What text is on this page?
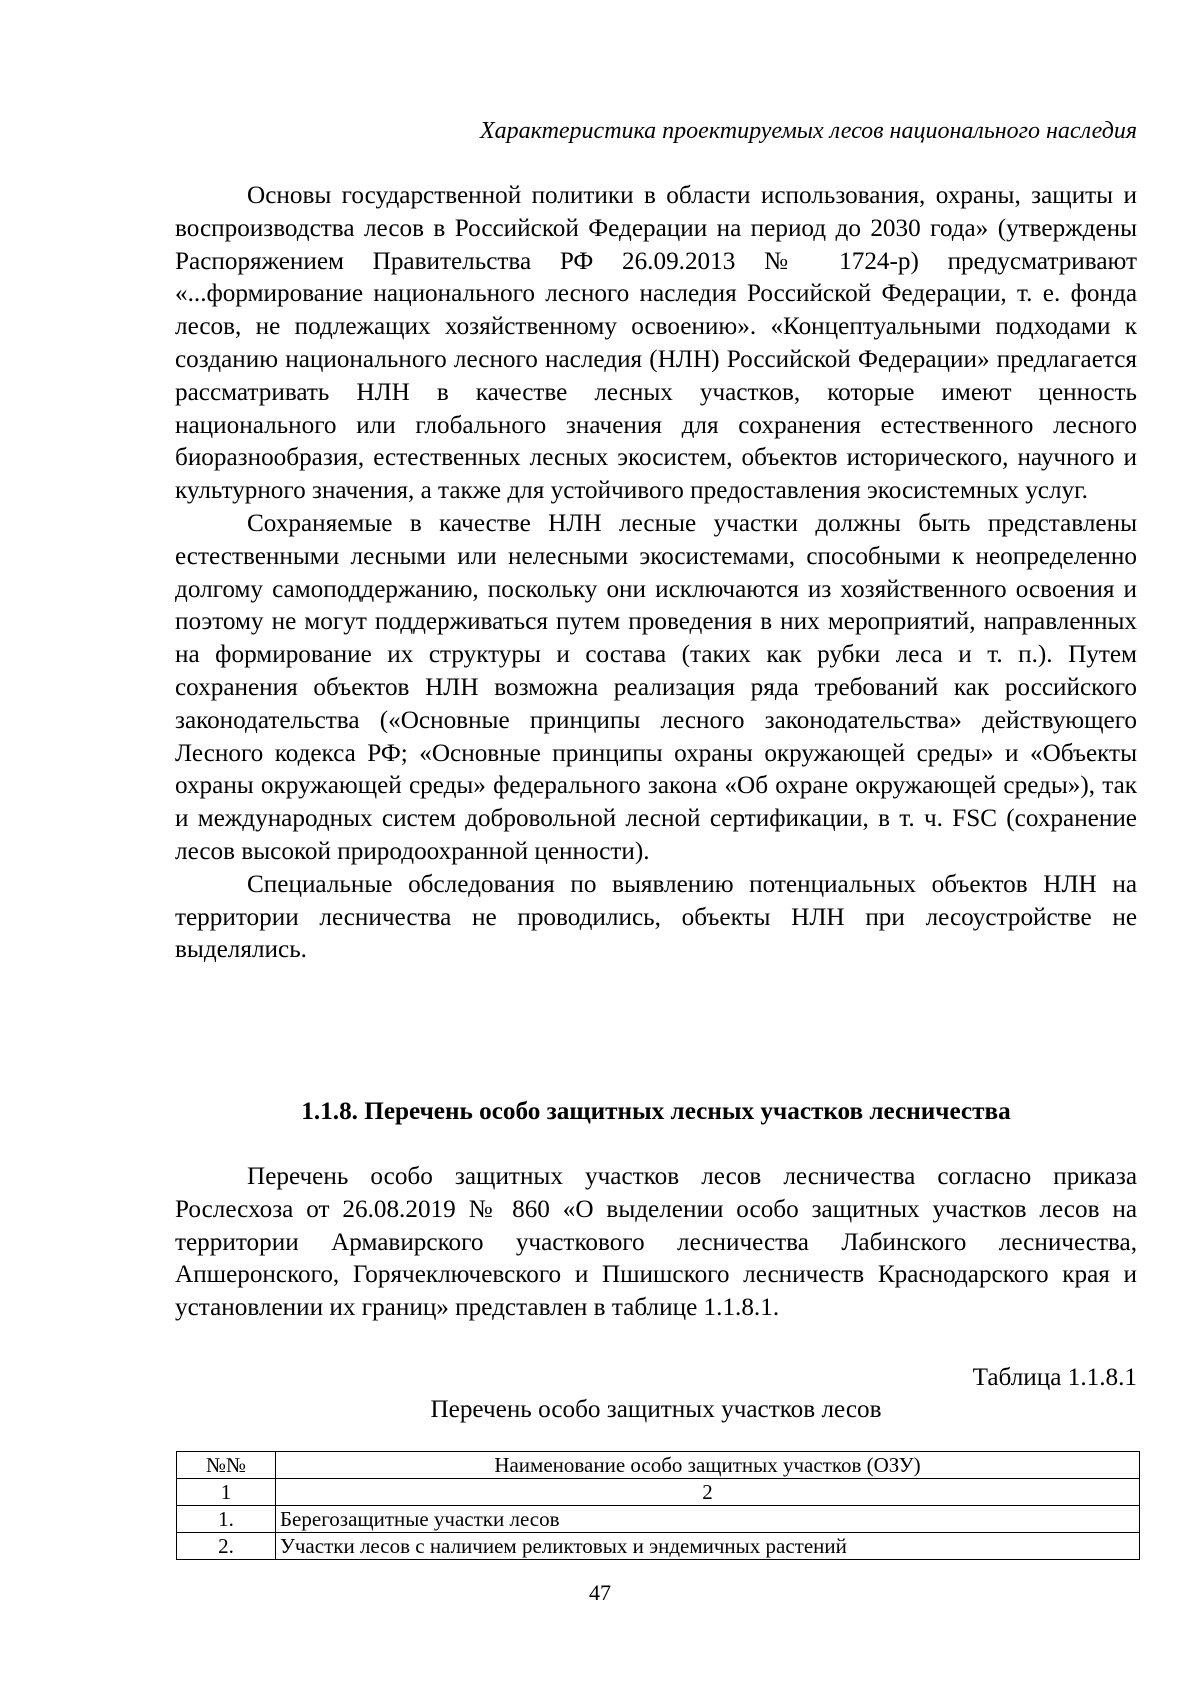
Характеристика проектируемых лесов национального наследия

Основы государственной политики в области использования, охраны, защиты и воспроизводства лесов в Российской Федерации на период до 2030 года» (утверждены Распоряжением Правительства РФ 26.09.2013 № 1724-р) предусматривают «...формирование национального лесного наследия Российской Федерации, т. е. фонда лесов, не подлежащих хозяйственному освоению». «Концептуальными подходами к созданию национального лесного наследия (НЛН) Российской Федерации» предлагается рассматривать НЛН в качестве лесных участков, которые имеют ценность национального или глобального значения для сохранения естественного лесного биоразнообразия, естественных лесных экосистем, объектов исторического, научного и культурного значения, а также для устойчивого предоставления экосистемных услуг.

Сохраняемые в качестве НЛН лесные участки должны быть представлены естественными лесными или нелесными экосистемами, способными к неопределенно долгому самоподдержанию, поскольку они исключаются из хозяйственного освоения и поэтому не могут поддерживаться путем проведения в них мероприятий, направленных на формирование их структуры и состава (таких как рубки леса и т. п.). Путем сохранения объектов НЛН возможна реализация ряда требований как российского законодательства («Основные принципы лесного законодательства» действующего Лесного кодекса РФ; «Основные принципы охраны окружающей среды» и «Объекты охраны окружающей среды» федерального закона «Об охране окружающей среды»), так и международных систем добровольной лесной сертификации, в т. ч. FSC (сохранение лесов высокой природоохранной ценности).

Специальные обследования по выявлению потенциальных объектов НЛН на территории лесничества не проводились, объекты НЛН при лесоустройстве не выделялись.

1.1.8. Перечень особо защитных лесных участков лесничества

Перечень особо защитных участков лесов лесничества согласно приказа Рослесхоза от 26.08.2019 № 860 «О выделении особо защитных участков лесов на территории Армавирского участкового лесничества Лабинского лесничества, Апшеронского, Горячеключевского и Пшишского лесничеств Краснодарского края и установлении их границ» представлен в таблице 1.1.8.1.

Таблица 1.1.8.1
Перечень особо защитных участков лесов
№№	Наименование особо защитных участков (ОЗУ)
1	2
1.	Берегозащитные участки лесов
2.	Участки лесов с наличием реликтовых и эндемичных растений
47
